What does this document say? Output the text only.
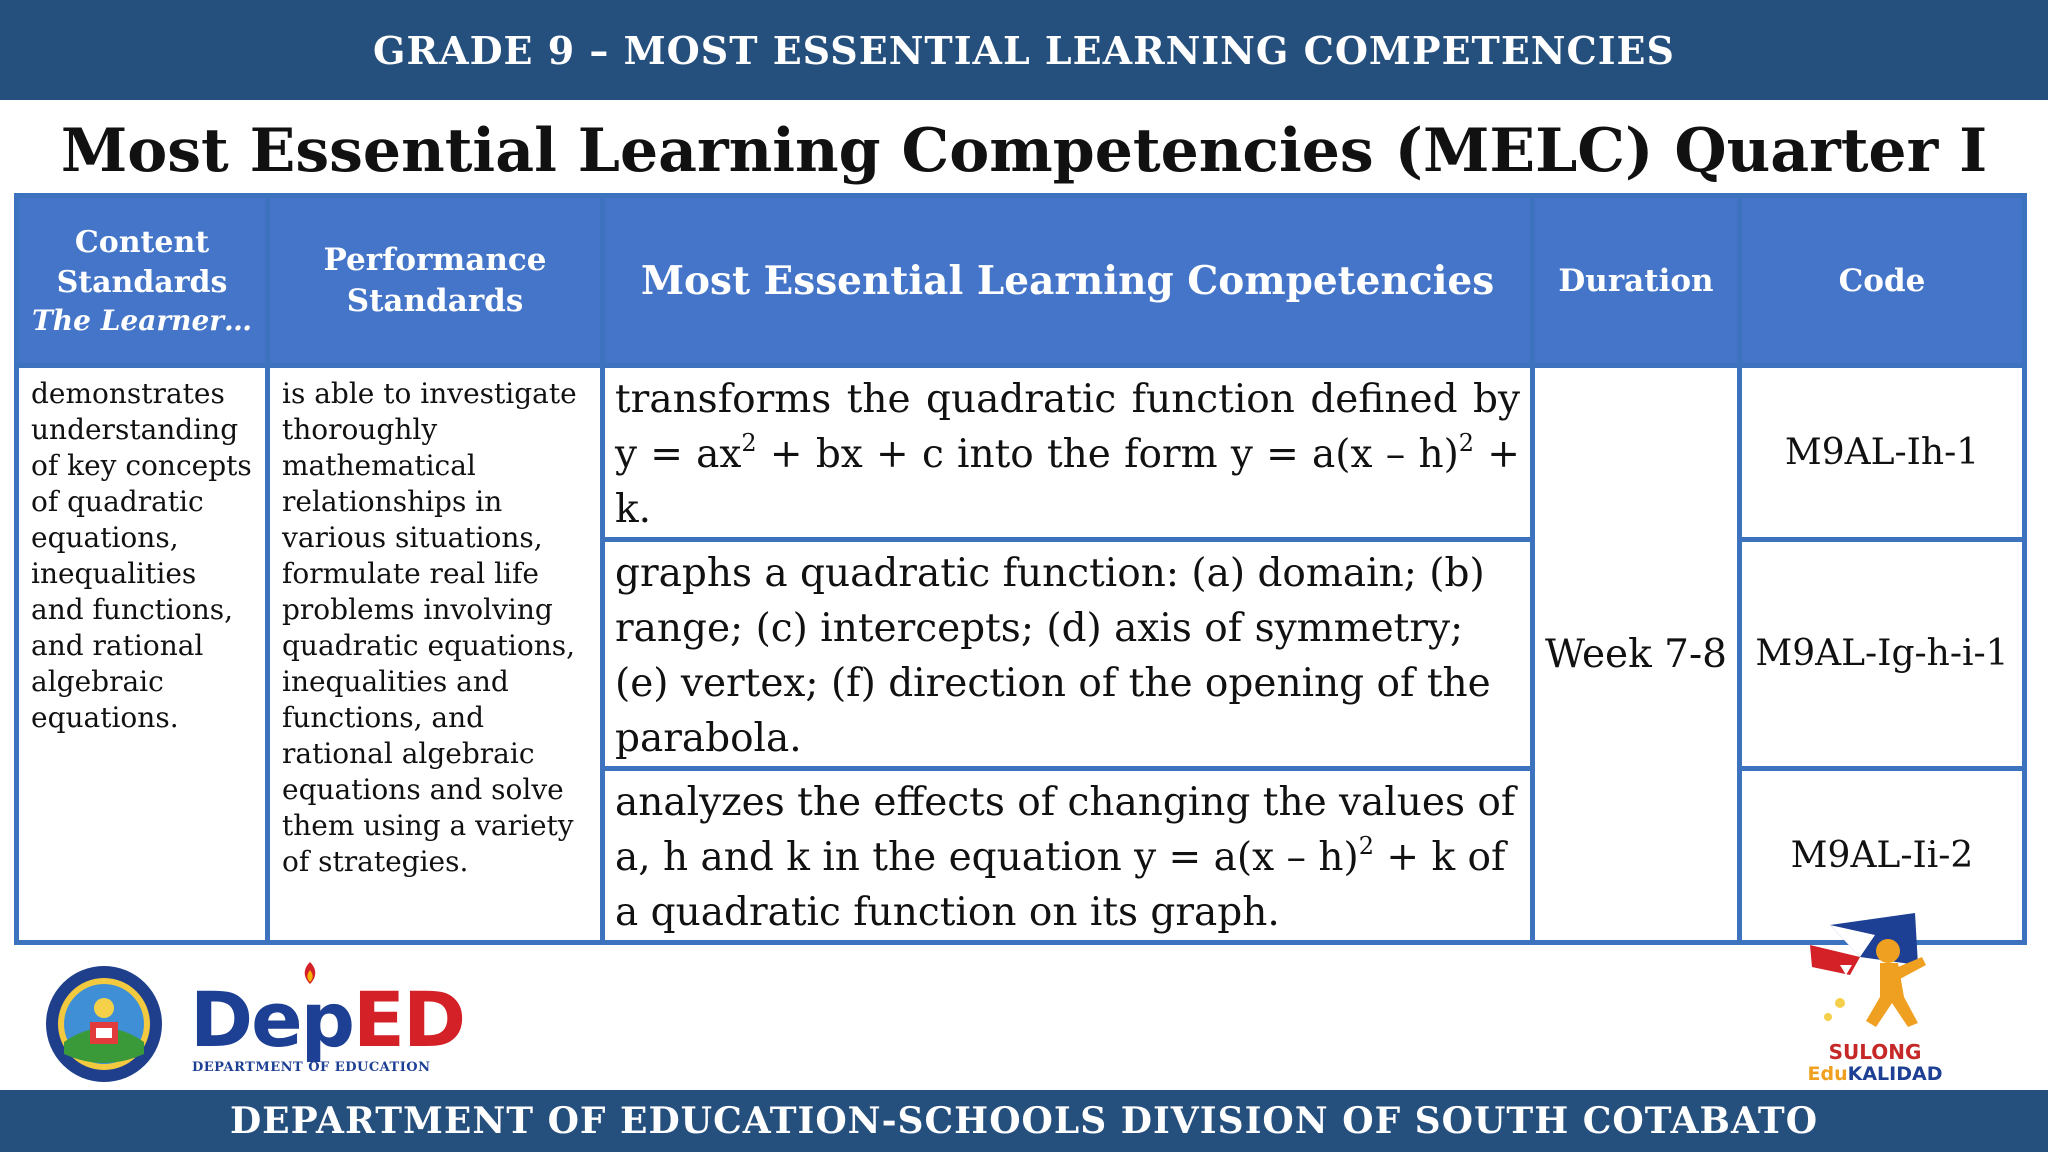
GRADE 9 – MOST ESSENTIAL LEARNING COMPETENCIES
Most Essential Learning Competencies (MELC) Quarter I
Content Standards
The Learner…	Performance Standards	Most Essential Learning Competencies	Duration	Code
demonstrates understanding of key concepts of quadratic equations, inequalities and functions, and rational algebraic equations.	is able to investigate thoroughly mathematical relationships in various situations, formulate real life problems involving quadratic equations, inequalities and functions, and rational algebraic equations and solve them using a variety of strategies.	transforms the quadratic function defined by $y = ax^2$ + bx + c into the form y = a(x – h)$^2$ + k.	Week 7-8	M9AL-Ih-1
		graphs a quadratic function: (a) domain; (b) range; (c) intercepts; (d) axis of symmetry; (e) vertex; (f) direction of the opening of the parabola.		M9AL-Ig-h-i-1
		analyzes the effects of changing the values of a, h and k in the equation y = a(x – h)$^2$ + k of a quadratic function on its graph.		M9AL-Ii-2
DepED
DEPARTMENT OF EDUCATION
SULONG
EduKALIDAD
DEPARTMENT OF EDUCATION-SCHOOLS DIVISION OF SOUTH COTABATO
